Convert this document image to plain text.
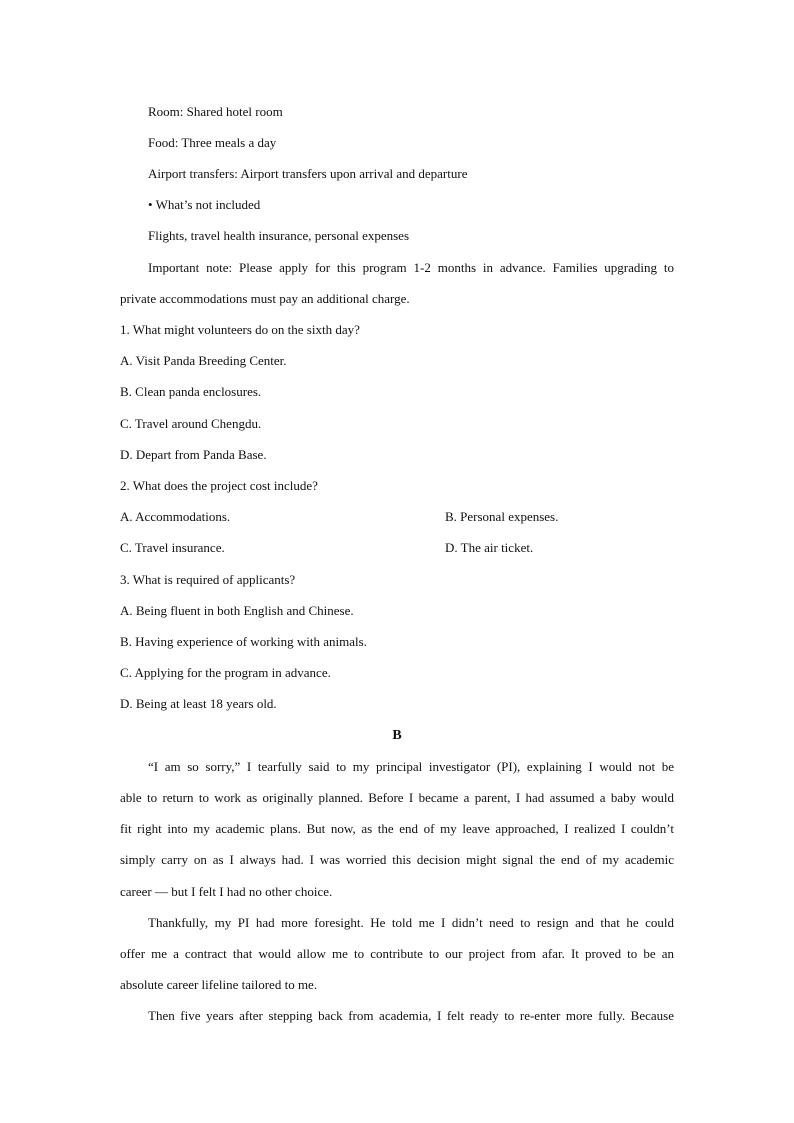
Room: Shared hotel room
Food: Three meals a day
Airport transfers: Airport transfers upon arrival and departure
• What’s not included
Flights, travel health insurance, personal expenses
Important note: Please apply for this program 1-2 months in advance. Families upgrading to
private accommodations must pay an additional charge.
1. What might volunteers do on the sixth day?
A. Visit Panda Breeding Center.
B. Clean panda enclosures.
C. Travel around Chengdu.
D. Depart from Panda Base.
2. What does the project cost include?
A. Accommodations.	B. Personal expenses.
C. Travel insurance.	D. The air ticket.
3. What is required of applicants?
A. Being fluent in both English and Chinese.
B. Having experience of working with animals.
C. Applying for the program in advance.
D. Being at least 18 years old.
B
“I am so sorry,” I tearfully said to my principal investigator (PI), explaining I would not be
able to return to work as originally planned. Before I became a parent, I had assumed a baby would
fit right into my academic plans. But now, as the end of my leave approached, I realized I couldn’t
simply carry on as I always had. I was worried this decision might signal the end of my academic
career — but I felt I had no other choice.
Thankfully, my PI had more foresight. He told me I didn’t need to resign and that he could
offer me a contract that would allow me to contribute to our project from afar. It proved to be an
absolute career lifeline tailored to me.
Then five years after stepping back from academia, I felt ready to re-enter more fully. Because
